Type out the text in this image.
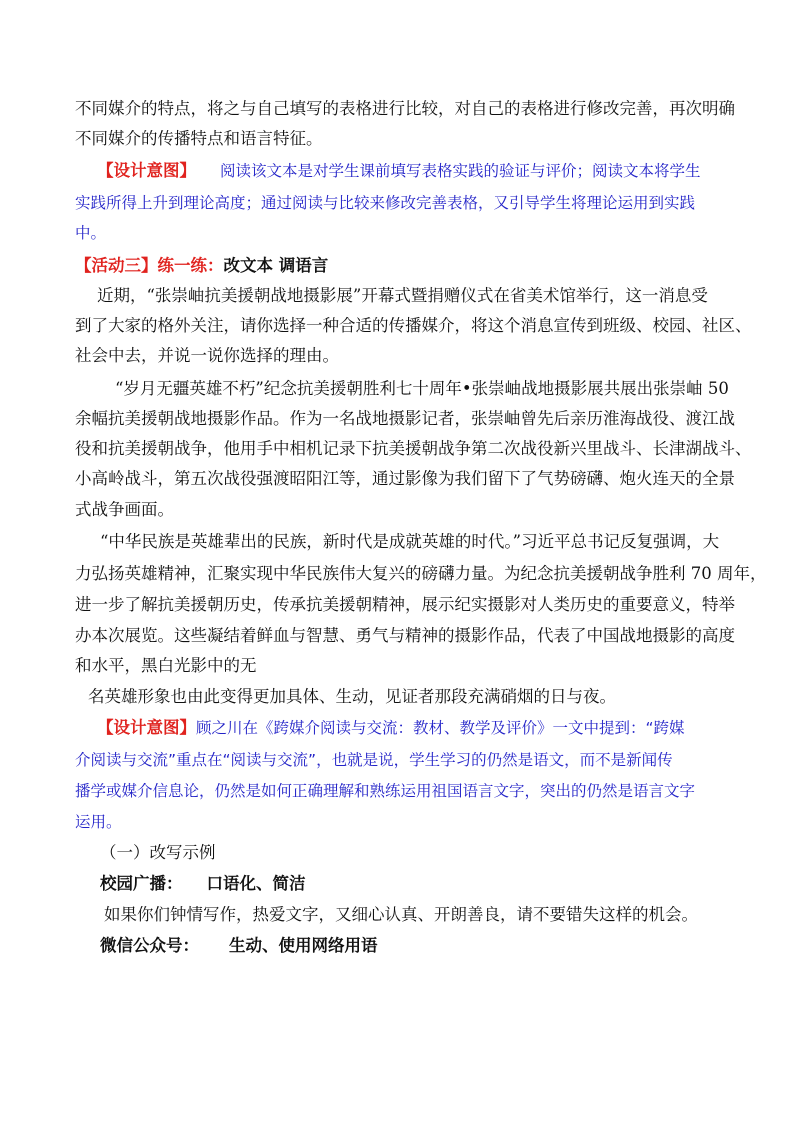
不同媒介的特点，将之与自己填写的表格进行比较，对自己的表格进行修改完善，再次明确
不同媒介的传播特点和语言特征。
【设计意图】 阅读该文本是对学生课前填写表格实践的验证与评价；阅读文本将学生
实践所得上升到理论高度；通过阅读与比较来修改完善表格，又引导学生将理论运用到实践
中。
【活动三】练一练：改文本 调语言
近期，“张崇岫抗美援朝战地摄影展”开幕式暨捐赠仪式在省美术馆举行，这一消息受
到了大家的格外关注，请你选择一种合适的传播媒介，将这个消息宣传到班级、校园、社区、
社会中去，并说一说你选择的理由。
“岁月无疆英雄不朽”纪念抗美援朝胜利七十周年•张崇岫战地摄影展共展出张崇岫 50
余幅抗美援朝战地摄影作品。作为一名战地摄影记者，张崇岫曾先后亲历淮海战役、渡江战
役和抗美援朝战争，他用手中相机记录下抗美援朝战争第二次战役新兴里战斗、长津湖战斗、
小高岭战斗，第五次战役强渡昭阳江等，通过影像为我们留下了气势磅礴、炮火连天的全景
式战争画面。
“中华民族是英雄辈出的民族，新时代是成就英雄的时代。”习近平总书记反复强调，大
力弘扬英雄精神，汇聚实现中华民族伟大复兴的磅礴力量。为纪念抗美援朝战争胜利 70 周年，
进一步了解抗美援朝历史，传承抗美援朝精神，展示纪实摄影对人类历史的重要意义，特举
办本次展览。这些凝结着鲜血与智慧、勇气与精神的摄影作品，代表了中国战地摄影的高度
和水平，黑白光影中的无
名英雄形象也由此变得更加具体、生动，见证者那段充满硝烟的日与夜。
【设计意图】顾之川在《跨媒介阅读与交流：教材、教学及评价》一文中提到：“跨媒
介阅读与交流”重点在“阅读与交流”，也就是说，学生学习的仍然是语文，而不是新闻传
播学或媒介信息论，仍然是如何正确理解和熟练运用祖国语言文字，突出的仍然是语言文字
运用。
（一）改写示例
校园广播： 口语化、简洁
如果你们钟情写作，热爱文字，又细心认真、开朗善良，请不要错失这样的机会。
微信公众号： 生动、使用网络用语
